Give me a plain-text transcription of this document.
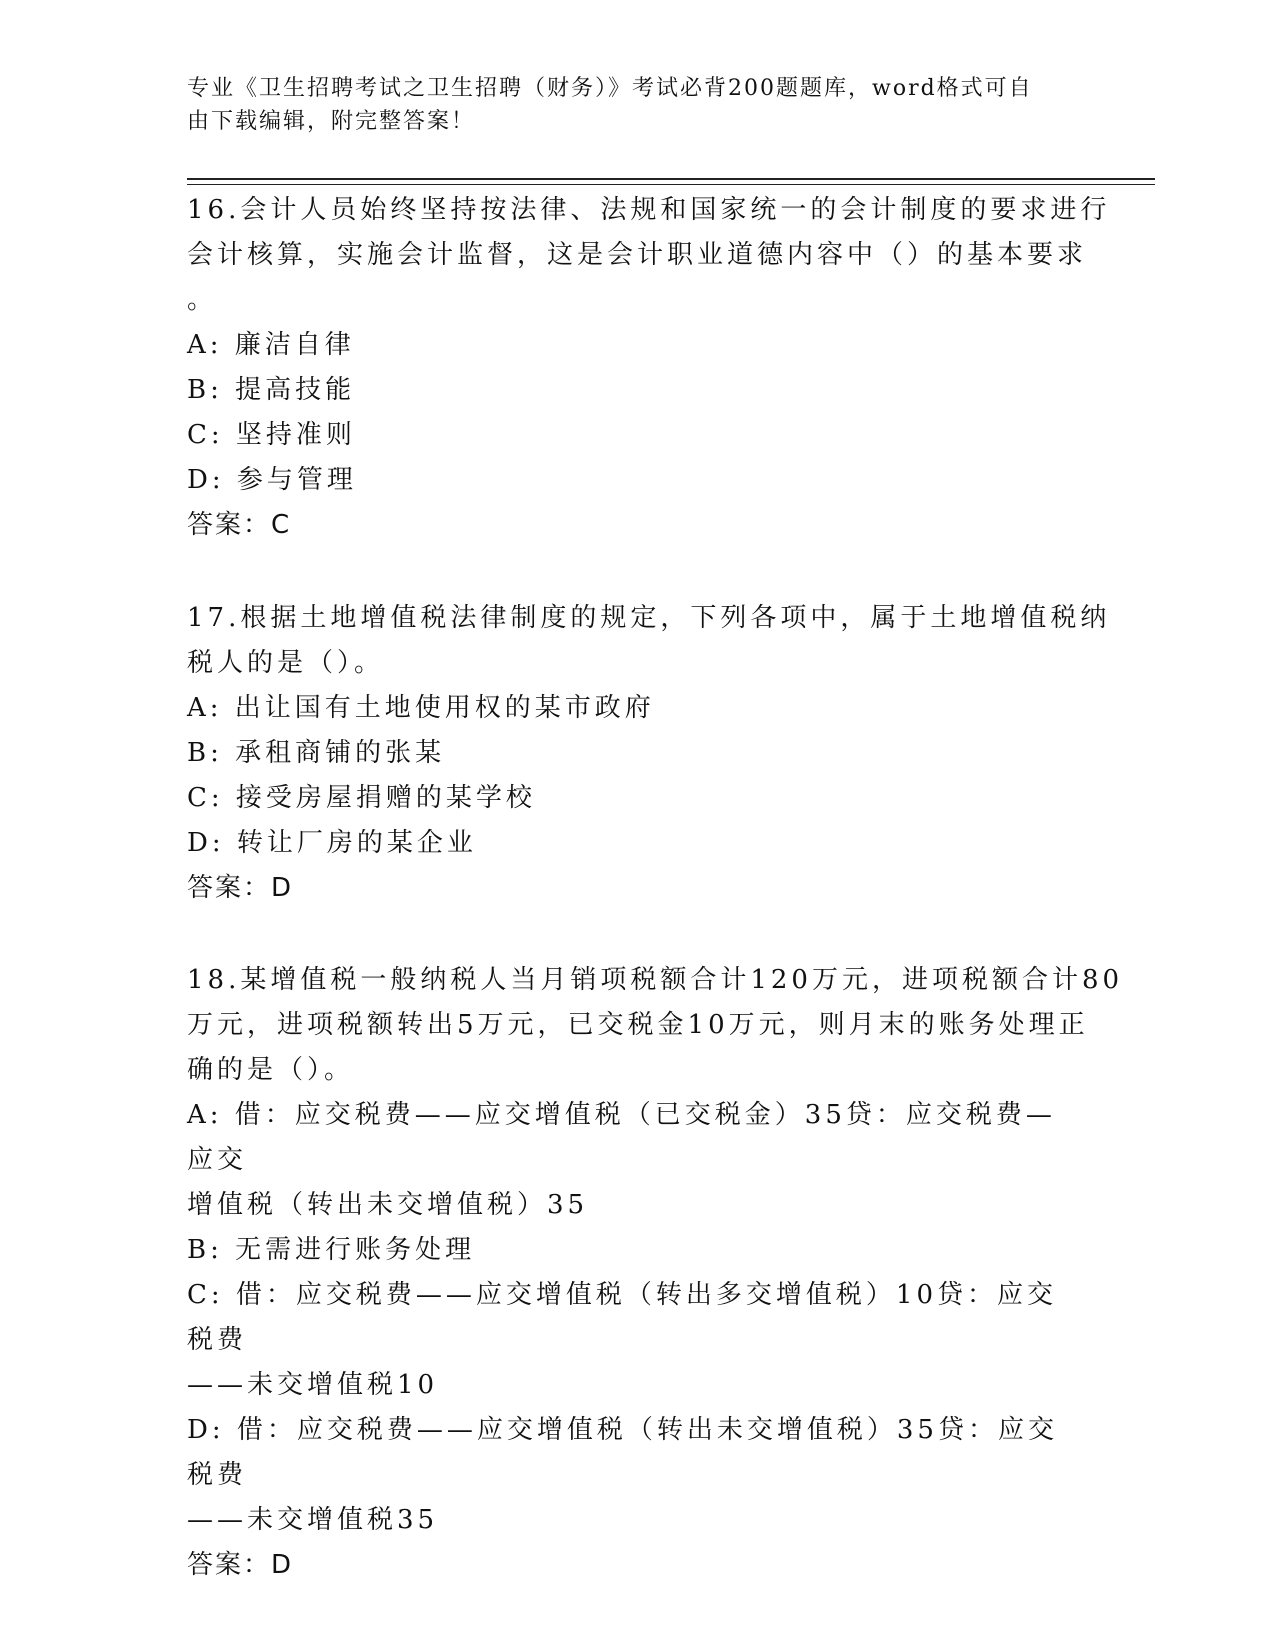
专业《卫生招聘考试之卫生招聘（财务）》考试必背200题题库，word格式可自
由下载编辑，附完整答案！
16.会计人员始终坚持按法律、法规和国家统一的会计制度的要求进行
会计核算，实施会计监督，这是会计职业道德内容中（）的基本要求
。
A: 廉洁自律
B: 提高技能
C: 坚持准则
D: 参与管理
答案：C
17.根据土地增值税法律制度的规定，下列各项中，属于土地增值税纳
税人的是（）。
A: 出让国有土地使用权的某市政府
B: 承租商铺的张某
C: 接受房屋捐赠的某学校
D: 转让厂房的某企业
答案：D
18.某增值税一般纳税人当月销项税额合计120万元，进项税额合计80
万元，进项税额转出5万元，已交税金10万元，则月末的账务处理正
确的是（）。
A: 借：应交税费——应交增值税（已交税金）35贷：应交税费—应交
增值税（转出未交增值税）35
B: 无需进行账务处理
C: 借：应交税费——应交增值税（转出多交增值税）10贷：应交税费
——未交增值税10
D: 借：应交税费——应交增值税（转出未交增值税）35贷：应交税费
——未交增值税35
答案：D
